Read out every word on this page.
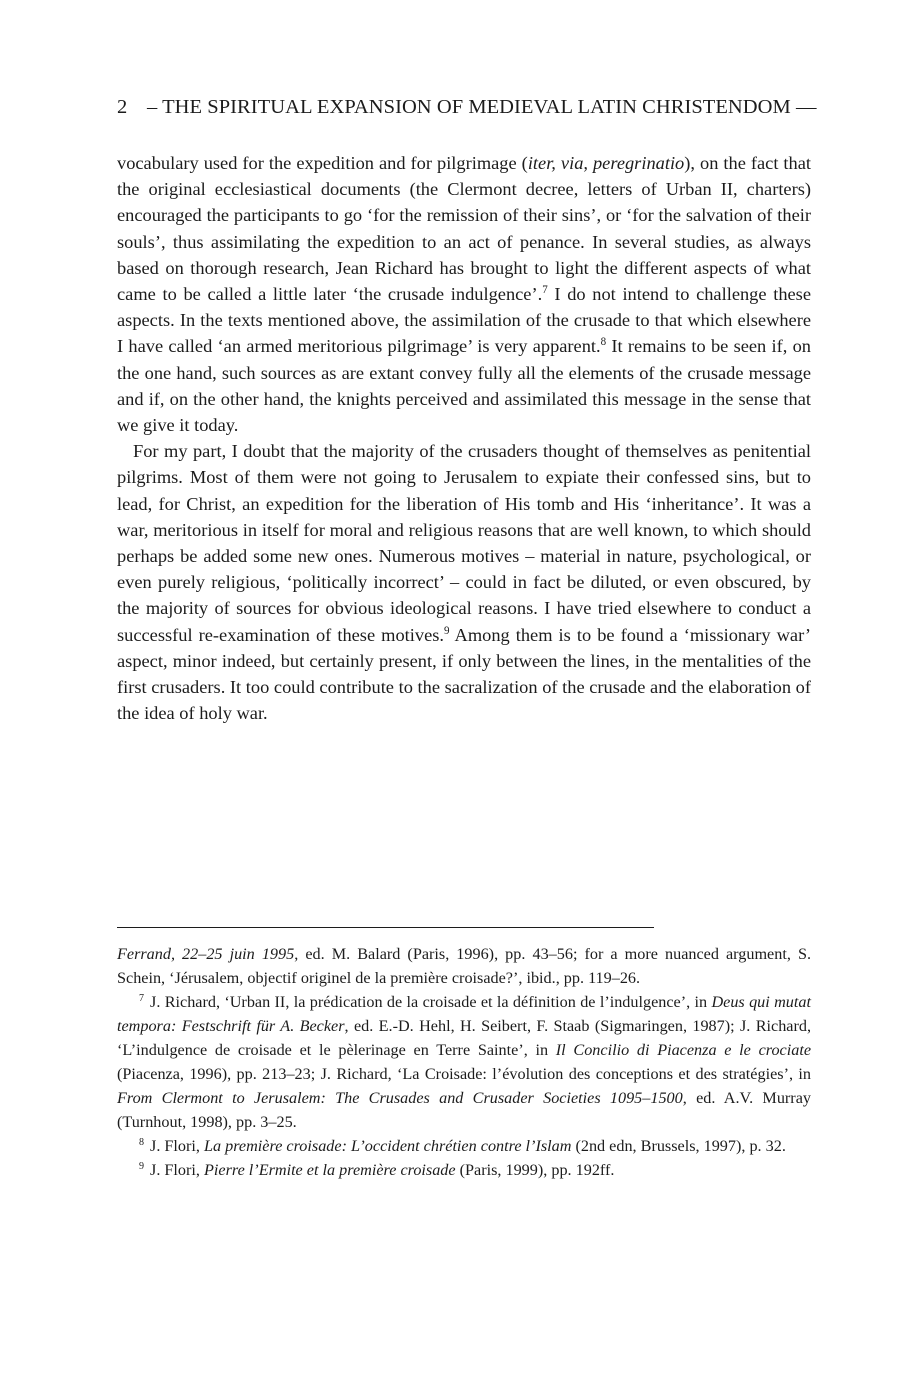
2 – THE SPIRITUAL EXPANSION OF MEDIEVAL LATIN CHRISTENDOM —

vocabulary used for the expedition and for pilgrimage (iter, via, peregrinatio), on the fact that the original ecclesiastical documents (the Clermont decree, letters of Urban II, charters) encouraged the participants to go ‘for the remission of their sins’, or ‘for the salvation of their souls’, thus assimilating the expedition to an act of penance. In several studies, as always based on thorough research, Jean Richard has brought to light the different aspects of what came to be called a little later ‘the crusade indulgence’.$^7$ I do not intend to challenge these aspects. In the texts mentioned above, the assimilation of the crusade to that which elsewhere I have called ‘an armed meritorious pilgrimage’ is very apparent.$^8$ It remains to be seen if, on the one hand, such sources as are extant convey fully all the elements of the crusade message and if, on the other hand, the knights perceived and assimilated this message in the sense that we give it today.

For my part, I doubt that the majority of the crusaders thought of themselves as penitential pilgrims. Most of them were not going to Jerusalem to expiate their confessed sins, but to lead, for Christ, an expedition for the liberation of His tomb and His ‘inheritance’. It was a war, meritorious in itself for moral and religious reasons that are well known, to which should perhaps be added some new ones. Numerous motives – material in nature, psychological, or even purely religious, ‘politically incorrect’ – could in fact be diluted, or even obscured, by the majority of sources for obvious ideological reasons. I have tried elsewhere to conduct a successful re-examination of these motives.$^9$ Among them is to be found a ‘missionary war’ aspect, minor indeed, but certainly present, if only between the lines, in the mentalities of the first crusaders. It too could contribute to the sacralization of the crusade and the elaboration of the idea of holy war.

Ferrand, 22–25 juin 1995, ed. M. Balard (Paris, 1996), pp. 43–56; for a more nuanced argument, S. Schein, ‘Jérusalem, objectif originel de la première croisade?’, ibid., pp. 119–26.

$^7$ J. Richard, ‘Urban II, la prédication de la croisade et la définition de l’indulgence’, in Deus qui mutat tempora: Festschrift für A. Becker, ed. E.-D. Hehl, H. Seibert, F. Staab (Sigmaringen, 1987); J. Richard, ‘L’indulgence de croisade et le pèlerinage en Terre Sainte’, in Il Concilio di Piacenza e le crociate (Piacenza, 1996), pp. 213–23; J. Richard, ‘La Croisade: l’évolution des conceptions et des stratégies’, in From Clermont to Jerusalem: The Crusades and Crusader Societies 1095–1500, ed. A.V. Murray (Turnhout, 1998), pp. 3–25.

$^8$ J. Flori, La première croisade: L’occident chrétien contre l’Islam (2nd edn, Brussels, 1997), p. 32.

$^9$ J. Flori, Pierre l’Ermite et la première croisade (Paris, 1999), pp. 192ff.
